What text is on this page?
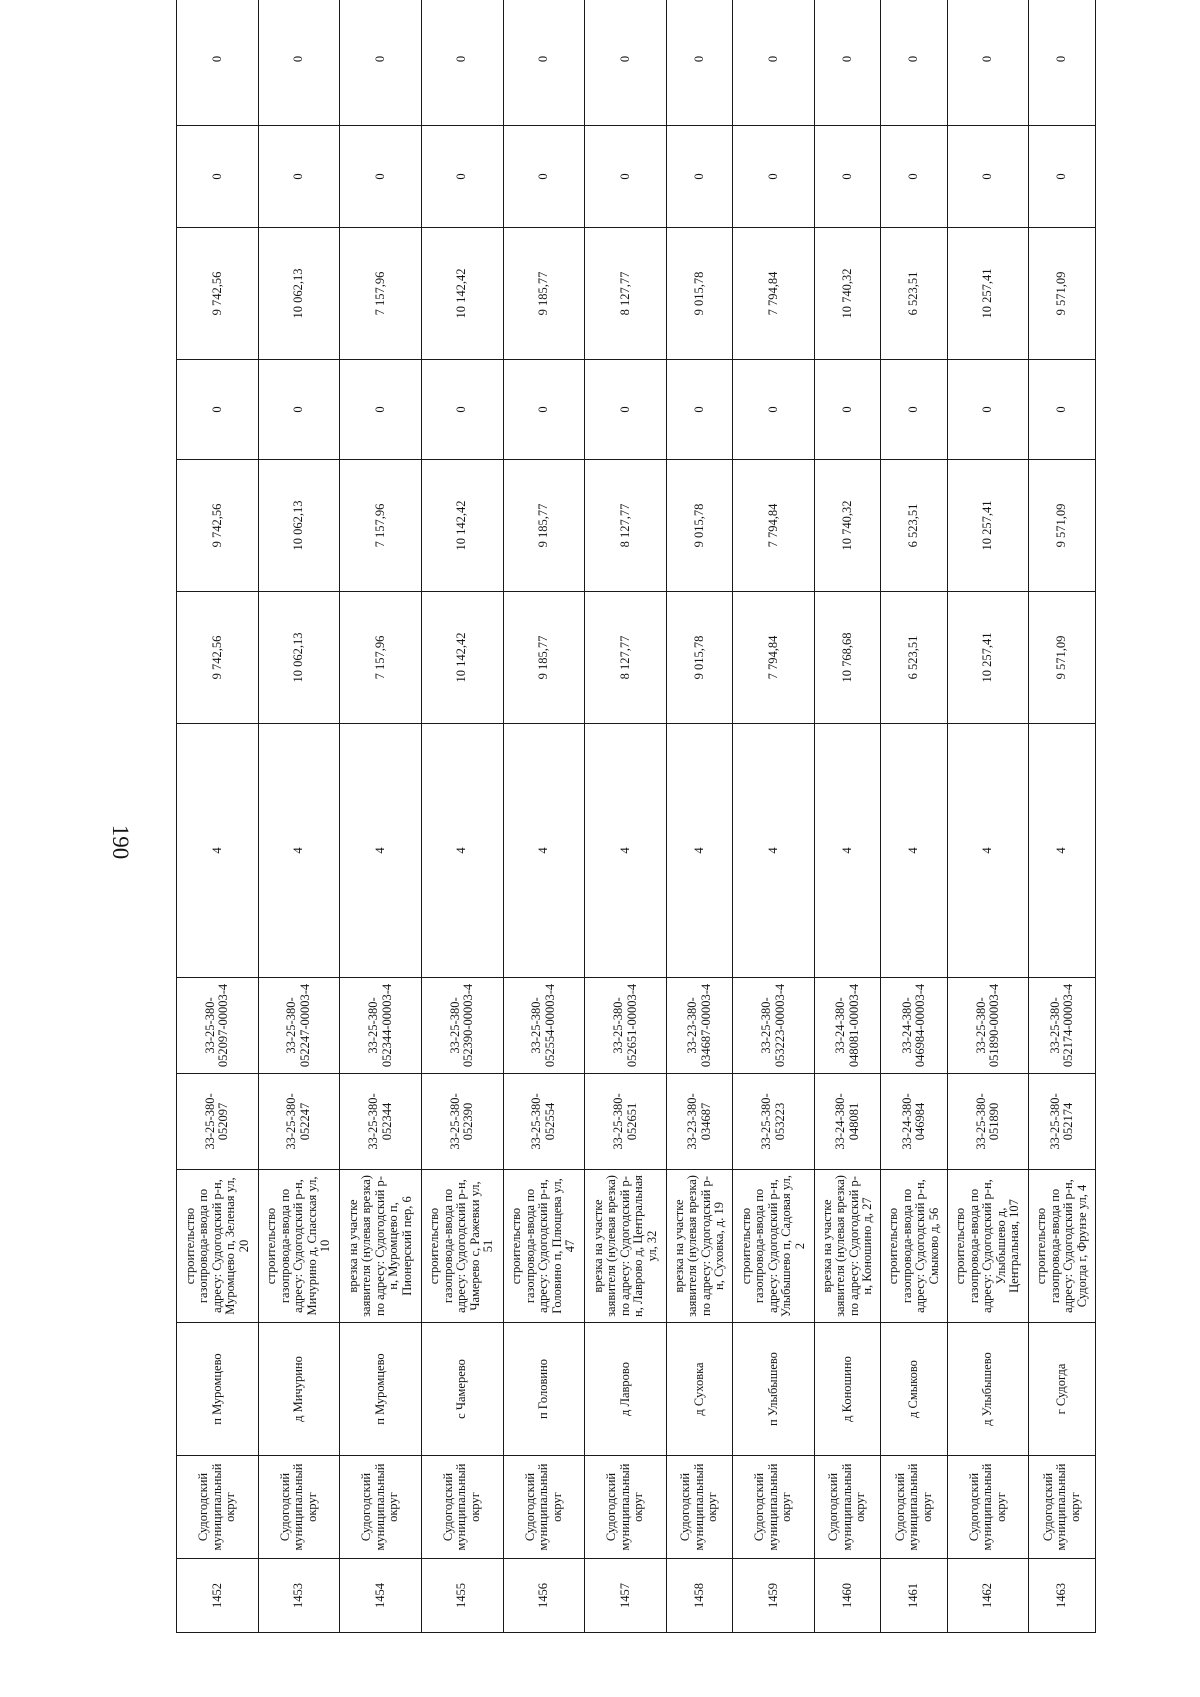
190
1452	Судогодский муниципальный округ	п Муромцево	строительство газопровода-ввода по адресу: Судогодский р-н, Муромцево п, Зеленая ул, 20	33-25-380-052097	33-25-380-052097-00003-4	4	9 742,56	9 742,56	0	9 742,56	0	0
1453	Судогодский муниципальный округ	д Мичурино	строительство газопровода-ввода по адресу: Судогодский р-н, Мичурино д, Спасская ул, 10	33-25-380-052247	33-25-380-052247-00003-4	4	10 062,13	10 062,13	0	10 062,13	0	0
1454	Судогодский муниципальный округ	п Муромцево	врезка на участке заявителя (нулевая врезка) по адресу: Судогодский р-н, Муромцево п, Пионерский пер, 6	33-25-380-052344	33-25-380-052344-00003-4	4	7 157,96	7 157,96	0	7 157,96	0	0
1455	Судогодский муниципальный округ	с Чамерево	строительство газопровода-ввода по адресу: Судогодский р-н, Чамерево с, Ражевки ул, 51	33-25-380-052390	33-25-380-052390-00003-4	4	10 142,42	10 142,42	0	10 142,42	0	0
1456	Судогодский муниципальный округ	п Головино	строительство газопровода-ввода по адресу: Судогодский р-н, Головино п, Плющева ул, 47	33-25-380-052554	33-25-380-052554-00003-4	4	9 185,77	9 185,77	0	9 185,77	0	0
1457	Судогодский муниципальный округ	д Лаврово	врезка на участке заявителя (нулевая врезка) по адресу: Судогодский р-н, Лаврово д, Центральная ул, 32	33-25-380-052651	33-25-380-052651-00003-4	4	8 127,77	8 127,77	0	8 127,77	0	0
1458	Судогодский муниципальный округ	д Суховка	врезка на участке заявителя (нулевая врезка) по адресу: Судогодский р-н, Суховка, д. 19	33-23-380-034687	33-23-380-034687-00003-4	4	9 015,78	9 015,78	0	9 015,78	0	0
1459	Судогодский муниципальный округ	п Улыбышево	строительство газопровода-ввода по адресу: Судогодский р-н, Улыбышево п, Садовая ул, 2	33-25-380-053223	33-25-380-053223-00003-4	4	7 794,84	7 794,84	0	7 794,84	0	0
1460	Судогодский муниципальный округ	д Коношино	врезка на участке заявителя (нулевая врезка) по адресу: Судогодский р-н, Коношино д, 27	33-24-380-048081	33-24-380-048081-00003-4	4	10 768,68	10 740,32	0	10 740,32	0	0
1461	Судогодский муниципальный округ	д Смыково	строительство газопровода-ввода по адресу: Судогодский р-н, Смыково д, 56	33-24-380-046984	33-24-380-046984-00003-4	4	6 523,51	6 523,51	0	6 523,51	0	0
1462	Судогодский муниципальный округ	д Улыбышево	строительство газопровода-ввода по адресу: Судогодский р-н, Улыбышево д, Центральная, 107	33-25-380-051890	33-25-380-051890-00003-4	4	10 257,41	10 257,41	0	10 257,41	0	0
1463	Судогодский муниципальный округ	г Судогда	строительство газопровода-ввода по адресу: Судогодский р-н, Судогда г, Фрунзе ул, 4	33-25-380-052174	33-25-380-052174-00003-4	4	9 571,09	9 571,09	0	9 571,09	0	0
